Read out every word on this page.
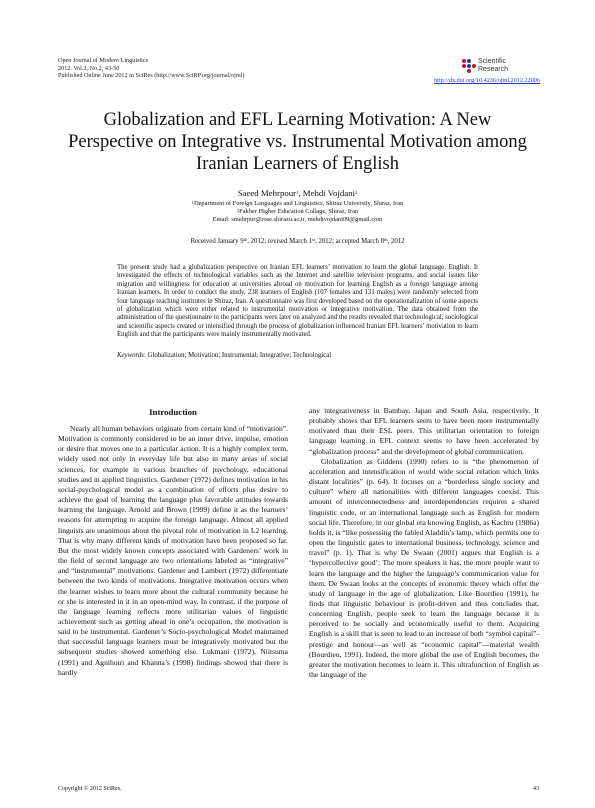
Open Journal of Modern Linguistics
2012. Vol.2, No.2, 43-50
Published Online June 2012 in SciRes (http://www.SciRP.org/journal/ojml)
Scientific
Research
http://dx.doi.org/10.4236/ojml.2012.22006
Globalization and EFL Learning Motivation: A New Perspective on Integrative vs. Instrumental Motivation among Iranian Learners of English
Saeed Mehrpour$^1$, Mehdi Vojdani$^2$
$^1$Department of Foreign Languages and Linguistics, Shiraz University, Shiraz, Iran
$^2$Fakher Higher Education Collage, Shiraz, Iran
Email: smehrpur@rose.shirazu.ac.ir, mehdivojdani09@gmail.com
Received January 9th, 2012; revised March 1st, 2012; accepted March 8th, 2012
The present study had a globalization perspective on Iranian EFL learners’ motivation to learn the global language, English. It investigated the effects of technological variables such as the Internet and satellite television programs, and social issues like migration and willingness for education at universities abroad on motivation for learning English as a foreign language among Iranian learners. In order to conduct the study, 238 learners of English (107 females and 131 males) were randomly selected from four language teaching institutes in Shiraz, Iran. A questionnaire was first developed based on the operationalization of some aspects of globalization which were either related to instrumental motivation or integrative motivation. The data obtained from the administration of the questionnaire to the participants were later on analyzed and the results revealed that technological, sociological and scientific aspects created or intensified through the process of globalization influenced Iranian EFL learners’ motivation to learn English and that the participants were mainly instrumentally motivated.
Keywords: Globalization; Motivation; Instrumental; Integrative; Technological
Introduction

Nearly all human behaviors originate from certain kind of “motivation”. Motivation is commonly considered to be an inner drive, impulse, emotion or desire that moves one to a particular action. It is a highly complex term, widely used not only in everyday life but also in many areas of social sciences, for example in various branches of psychology, educational studies and in applied linguistics. Gardener (1972) defines motivation in his social-psychological model as a combination of efforts plus desire to achieve the goal of learning the language plus favorable attitudes towards learning the language. Arnold and Brown (1999) define it as the learners’ reasons for attempting to acquire the foreign language. Almost all applied linguists are unanimous about the pivotal role of motivation in L2 learning. That is why many different kinds of motivation have been proposed so far. But the most widely known concepts associated with Gardeners’ work in the field of second language are two orientations labeled as “integrative” and “instrumental” motivations. Gardener and Lambert (1972) differentiate between the two kinds of motivations. Integrative motivation occurs when the learner wishes to learn more about the cultural community because he or she is interested in it in an open-mind way. In contrast, if the purpose of the language learning reflects more utilitarian values of linguistic achievement such as getting ahead in one’s occupation, the motivation is said to be instrumental. Gardener’s Socio-psychological Model maintained that successful language learners must be integratively motivated but the subsequent studies showed something else. Lukmani (1972), Niitsuma (1991) and Agnihotri and Khanna’s (1998) findings showed that there is hardly

any integrativeness in Bambay, Japan and South Asia, respectively. It probably shows that EFL learners seem to have been more instrumentally motivated than their ESL peers. This utilitarian orientation to foreign language learning in EFL context seems to have been accelerated by “globalization process” and the development of global communication.

Globalization as Giddens (1990) refers to is “the phenomenon of acceleration and intensification of world wide social relation which links distant localities” (p. 64). It focuses on a “borderless single society and culture” where all nationalities with different languages coexist. This amount of interconnectedness and interdependencies requires a shared linguistic code, or an international language such as English for modern social life. Therefore, in our global era knowing English, as Kachru (1986a) holds it, is “like possessing the fabled Aladdin’s lamp, which permits one to open the linguistic gates to international business, technology, science and travel” (p. 1). That is why De Swaan (2001) argues that English is a ‘hypercollective good’: The more speakers it has, the more people want to learn the language and the higher the language’s communication value for them. De Swaan looks at the concepts of economic theory which offer the study of language in the age of globalization. Like Bourdieu (1991), he finds that linguistic behaviour is profit-driven and thus concludes that, concerning English, people seek to learn the language because it is perceived to be socially and economically useful to them. Acquiring English is a skill that is seen to lead to an increase of both “symbol capital”-prestige and honour—as well as “economic capital”—material wealth (Bourdieu, 1991). Indeed, the more global the use of English becomes, the greater the motivation becomes to learn it. This ultrafunction of English as the language of the

Copyright © 2012 SciRes.	43
